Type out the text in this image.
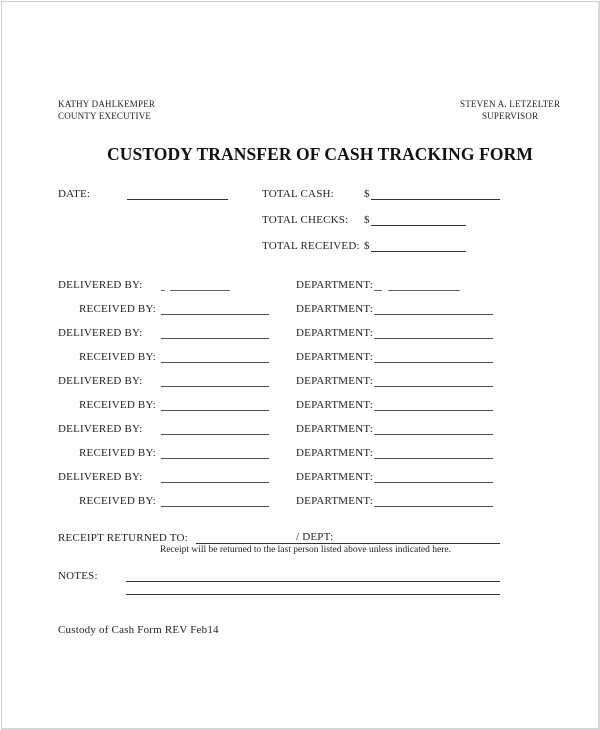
KATHY DAHLKEMPER
COUNTY EXECUTIVE
STEVEN A. LETZELTER
SUPERVISOR
CUSTODY TRANSFER OF CASH TRACKING FORM
DATE:	TOTAL CASH:	$
TOTAL CHECKS: $
TOTAL RECEIVED: $
DELIVERED BY:	DEPARTMENT:
RECEIVED BY:	DEPARTMENT:
DELIVERED BY:	DEPARTMENT:
RECEIVED BY:	DEPARTMENT:
DELIVERED BY:	DEPARTMENT:
RECEIVED BY:	DEPARTMENT:
DELIVERED BY:	DEPARTMENT:
RECEIVED BY:	DEPARTMENT:
DELIVERED BY:	DEPARTMENT:
RECEIVED BY:	DEPARTMENT:
RECEIPT RETURNED TO:	/ DEPT:
Receipt will be returned to the last person listed above unless indicated here.
NOTES:
Custody of Cash Form REV Feb14
